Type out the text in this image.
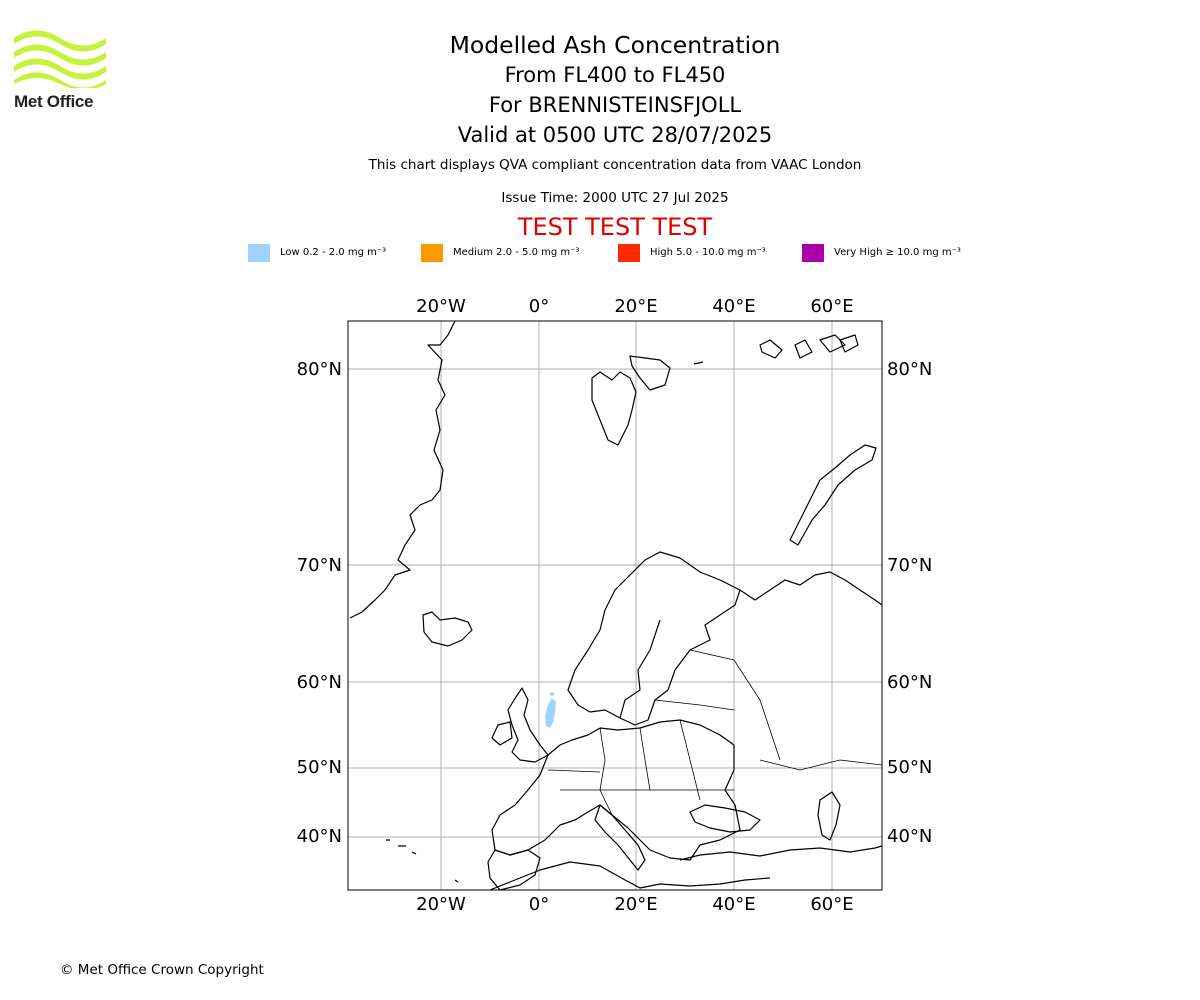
Met Office
Modelled Ash Concentration
From FL400 to FL450
For BRENNISTEINSFJOLL
Valid at 0500 UTC 28/07/2025
This chart displays QVA compliant concentration data from VAAC London
Issue Time: 2000 UTC 27 Jul 2025
TEST TEST TEST
Low 0.2 - 2.0 mg m⁻³	Medium 2.0 - 5.0 mg m⁻³	High 5.0 - 10.0 mg m⁻³	Very High ≥ 10.0 mg m⁻³
20°W	0°	20°E	40°E	60°E
20°W	0°	20°E	40°E	60°E
80°N
70°N
60°N
50°N
40°N
80°N
70°N
60°N
50°N
40°N
© Met Office Crown Copyright
